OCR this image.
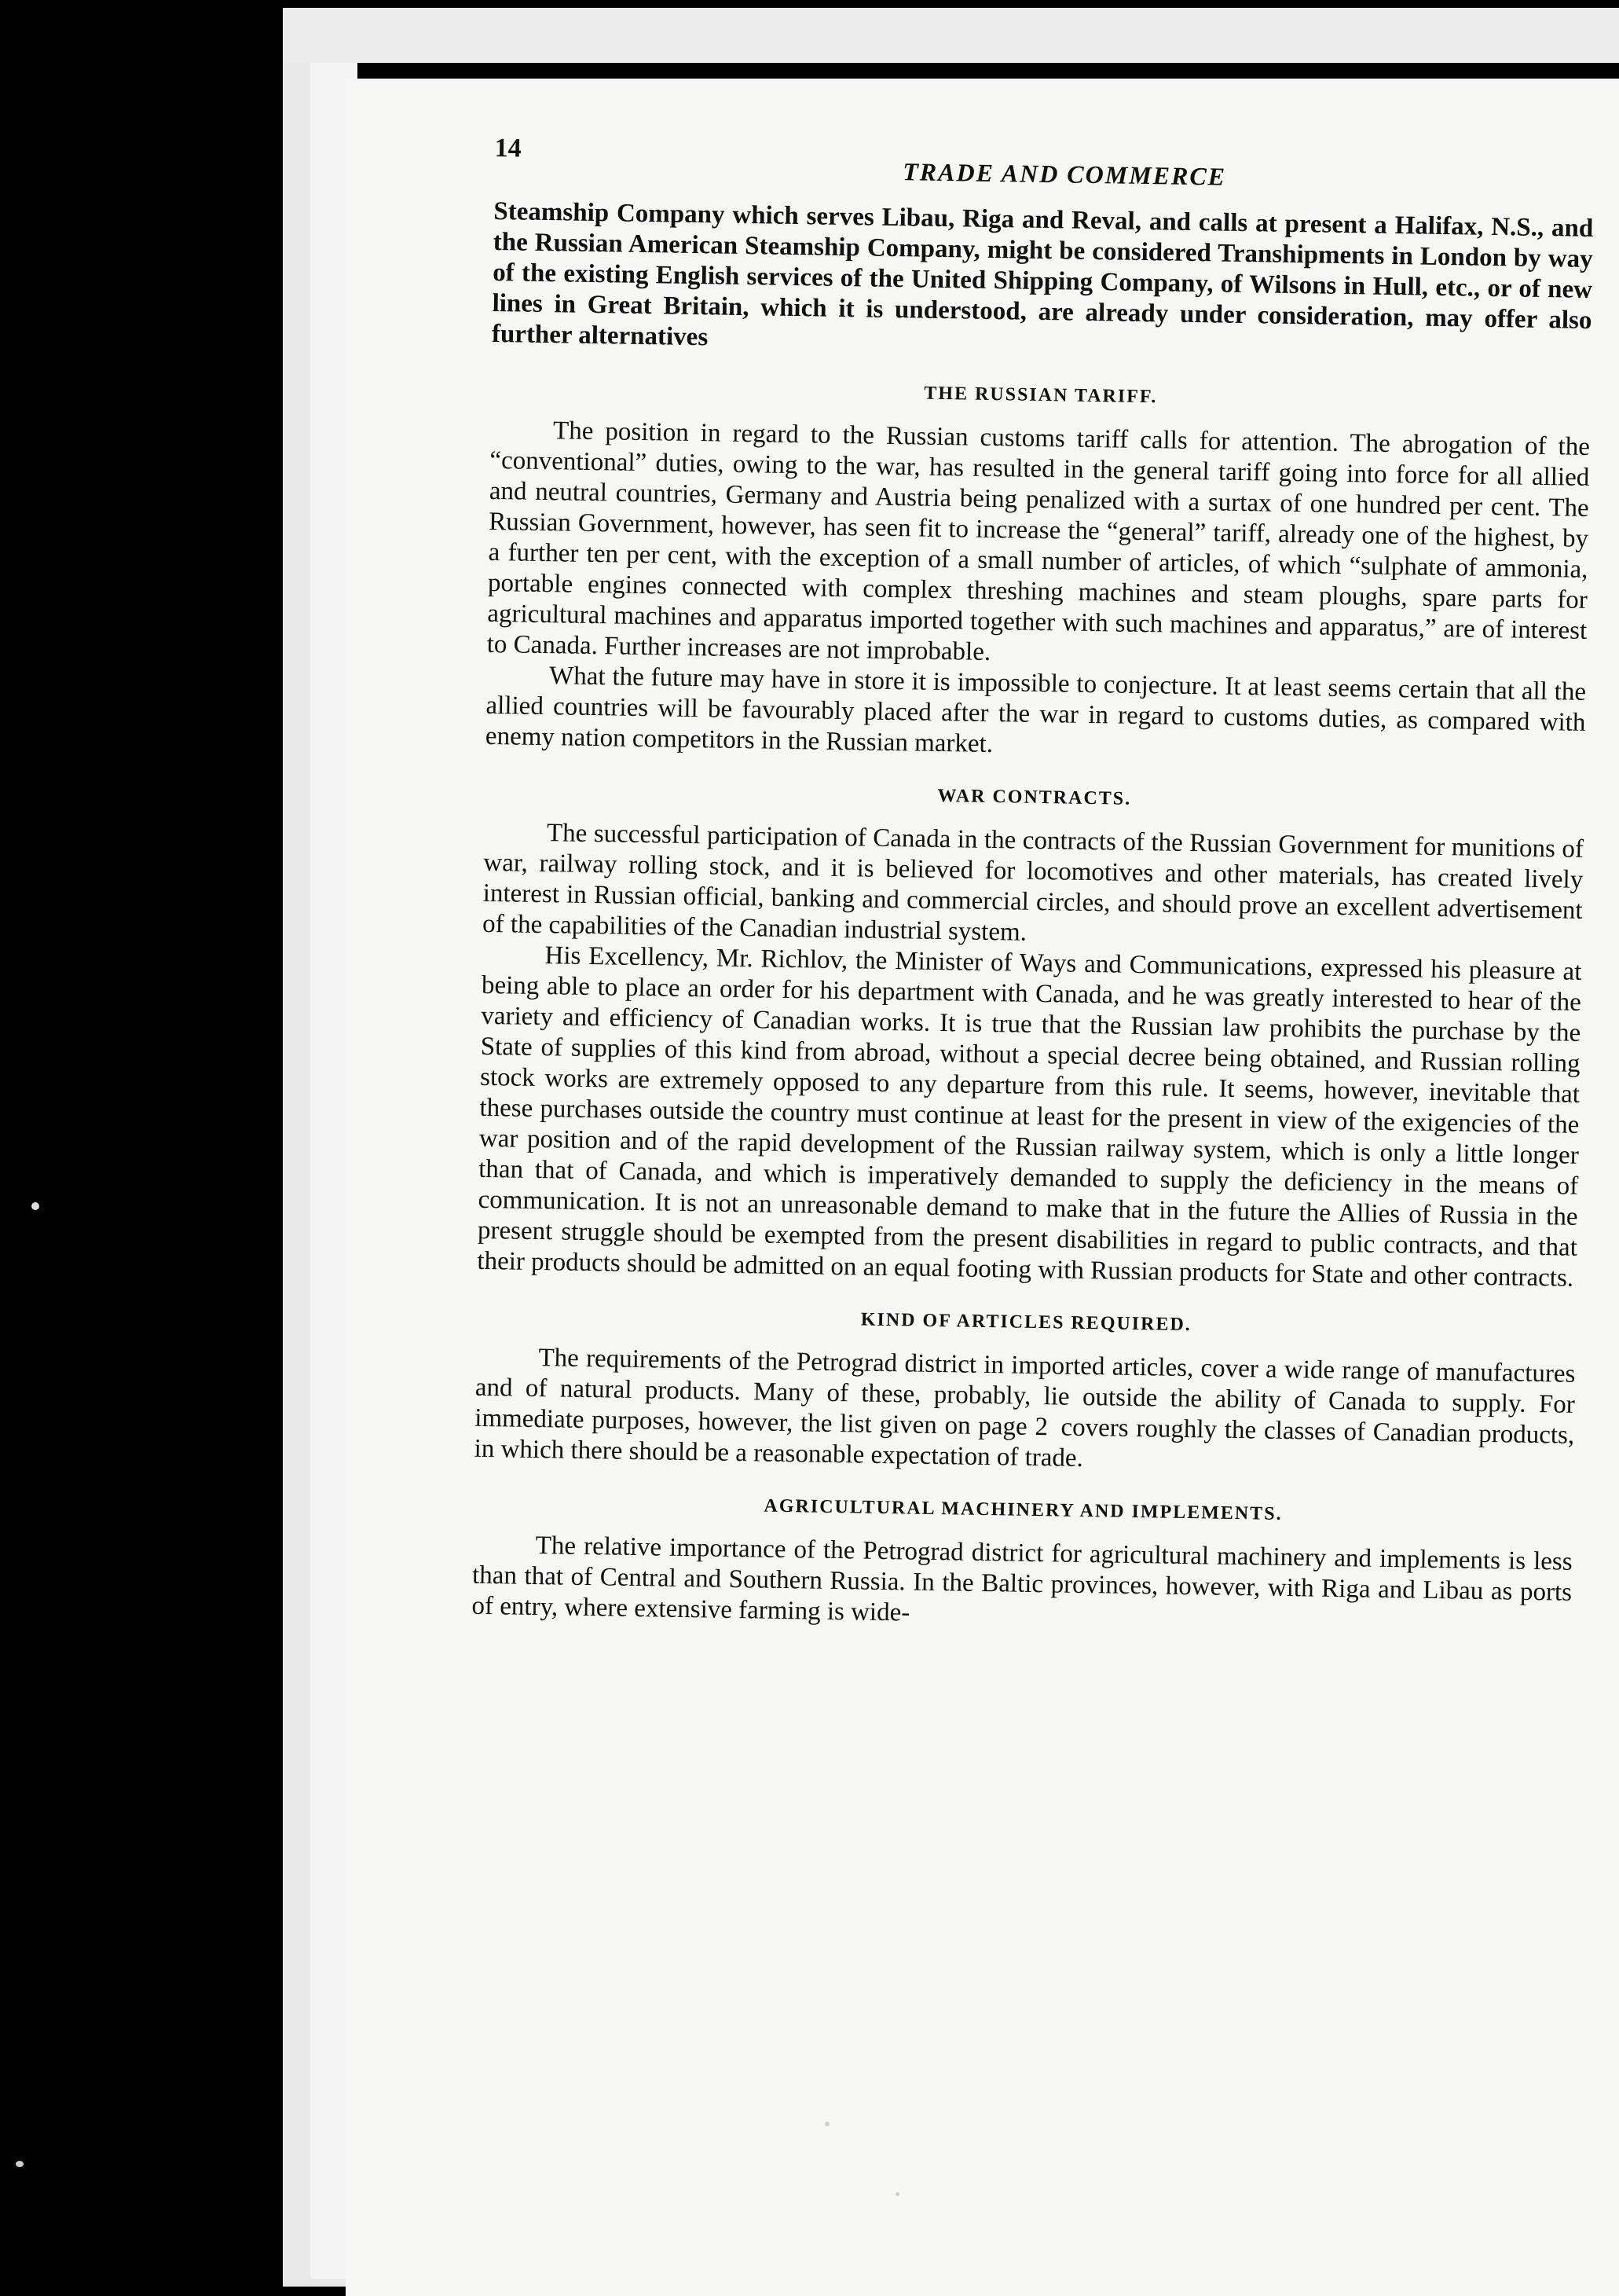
14
TRADE AND COMMERCE

Steamship Company which serves Libau, Riga and Reval, and calls at present a Halifax, N.S., and the Russian American Steamship Company, might be considered Transhipments in London by way of the existing English services of the United Shipping Company, of Wilsons in Hull, etc., or of new lines in Great Britain, which it is understood, are already under consideration, may offer also further alternatives

THE RUSSIAN TARIFF.

The position in regard to the Russian customs tariff calls for attention. The abrogation of the “conventional” duties, owing to the war, has resulted in the general tariff going into force for all allied and neutral countries, Germany and Austria being penalized with a surtax of one hundred per cent. The Russian Government, however, has seen fit to increase the “general” tariff, already one of the highest, by a further ten per cent, with the exception of a small number of articles, of which “sulphate of ammonia, portable engines connected with complex threshing machines and steam ploughs, spare parts for agricultural machines and apparatus imported together with such machines and apparatus,” are of interest to Canada. Further increases are not improbable.

What the future may have in store it is impossible to conjecture. It at least seems certain that all the allied countries will be favourably placed after the war in regard to customs duties, as compared with enemy nation competitors in the Russian market.

WAR CONTRACTS.

The successful participation of Canada in the contracts of the Russian Government for munitions of war, railway rolling stock, and it is believed for locomotives and other materials, has created lively interest in Russian official, banking and commercial circles, and should prove an excellent advertisement of the capabilities of the Canadian industrial system.

His Excellency, Mr. Richlov, the Minister of Ways and Communications, expressed his pleasure at being able to place an order for his department with Canada, and he was greatly interested to hear of the variety and efficiency of Canadian works. It is true that the Russian law prohibits the purchase by the State of supplies of this kind from abroad, without a special decree being obtained, and Russian rolling stock works are extremely opposed to any departure from this rule. It seems, however, inevitable that these purchases outside the country must continue at least for the present in view of the exigencies of the war position and of the rapid development of the Russian railway system, which is only a little longer than that of Canada, and which is imperatively demanded to supply the deficiency in the means of communication. It is not an unreasonable demand to make that in the future the Allies of Russia in the present struggle should be exempted from the present disabilities in regard to public contracts, and that their products should be admitted on an equal footing with Russian products for State and other contracts.

KIND OF ARTICLES REQUIRED.

The requirements of the Petrograd district in imported articles, cover a wide range of manufactures and of natural products. Many of these, probably, lie outside the ability of Canada to supply. For immediate purposes, however, the list given on page 2  covers roughly the classes of Canadian products, in which there should be a reasonable expectation of trade.

AGRICULTURAL MACHINERY AND IMPLEMENTS.

The relative importance of the Petrograd district for agricultural machinery and implements is less than that of Central and Southern Russia. In the Baltic provinces, however, with Riga and Libau as ports of entry, where extensive farming is wide-
